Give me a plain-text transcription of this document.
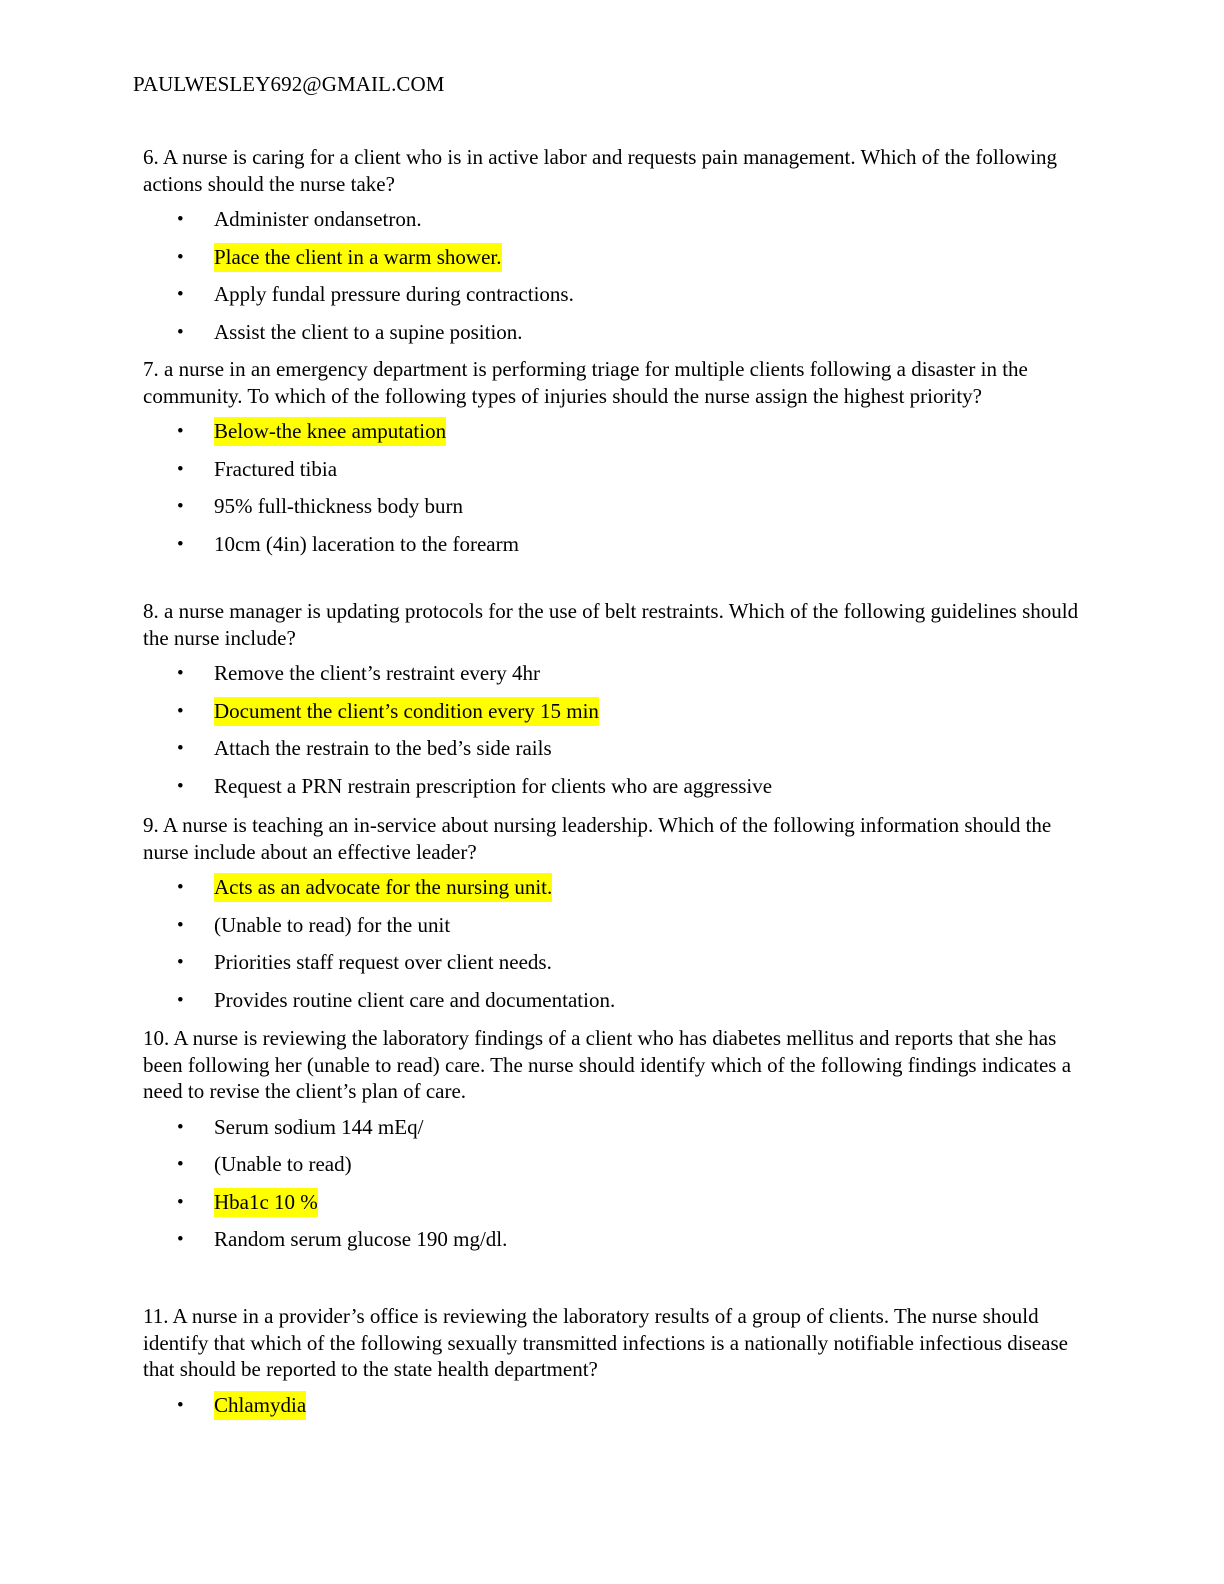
PAULWESLEY692@GMAIL.COM

6. A nurse is caring for a client who is in active labor and requests pain management. Which of the following actions should the nurse take?

• Administer ondansetron.
• Place the client in a warm shower.
• Apply fundal pressure during contractions.
• Assist the client to a supine position.

7. a nurse in an emergency department is performing triage for multiple clients following a disaster in the community. To which of the following types of injuries should the nurse assign the highest priority?

• Below-the knee amputation
• Fractured tibia
• 95% full-thickness body burn
• 10cm (4in) laceration to the forearm

8. a nurse manager is updating protocols for the use of belt restraints. Which of the following guidelines should the nurse include?

• Remove the client’s restraint every 4hr
• Document the client’s condition every 15 min
• Attach the restrain to the bed’s side rails
• Request a PRN restrain prescription for clients who are aggressive

9. A nurse is teaching an in-service about nursing leadership. Which of the following information should the nurse include about an effective leader?

• Acts as an advocate for the nursing unit.
• (Unable to read) for the unit
• Priorities staff request over client needs.
• Provides routine client care and documentation.

10. A nurse is reviewing the laboratory findings of a client who has diabetes mellitus and reports that she has been following her (unable to read) care. The nurse should identify which of the following findings indicates a need to revise the client’s plan of care.

• Serum sodium 144 mEq/
• (Unable to read)
• Hba1c 10 %
• Random serum glucose 190 mg/dl.

11. A nurse in a provider’s office is reviewing the laboratory results of a group of clients. The nurse should identify that which of the following sexually transmitted infections is a nationally notifiable infectious disease that should be reported to the state health department?

• Chlamydia
